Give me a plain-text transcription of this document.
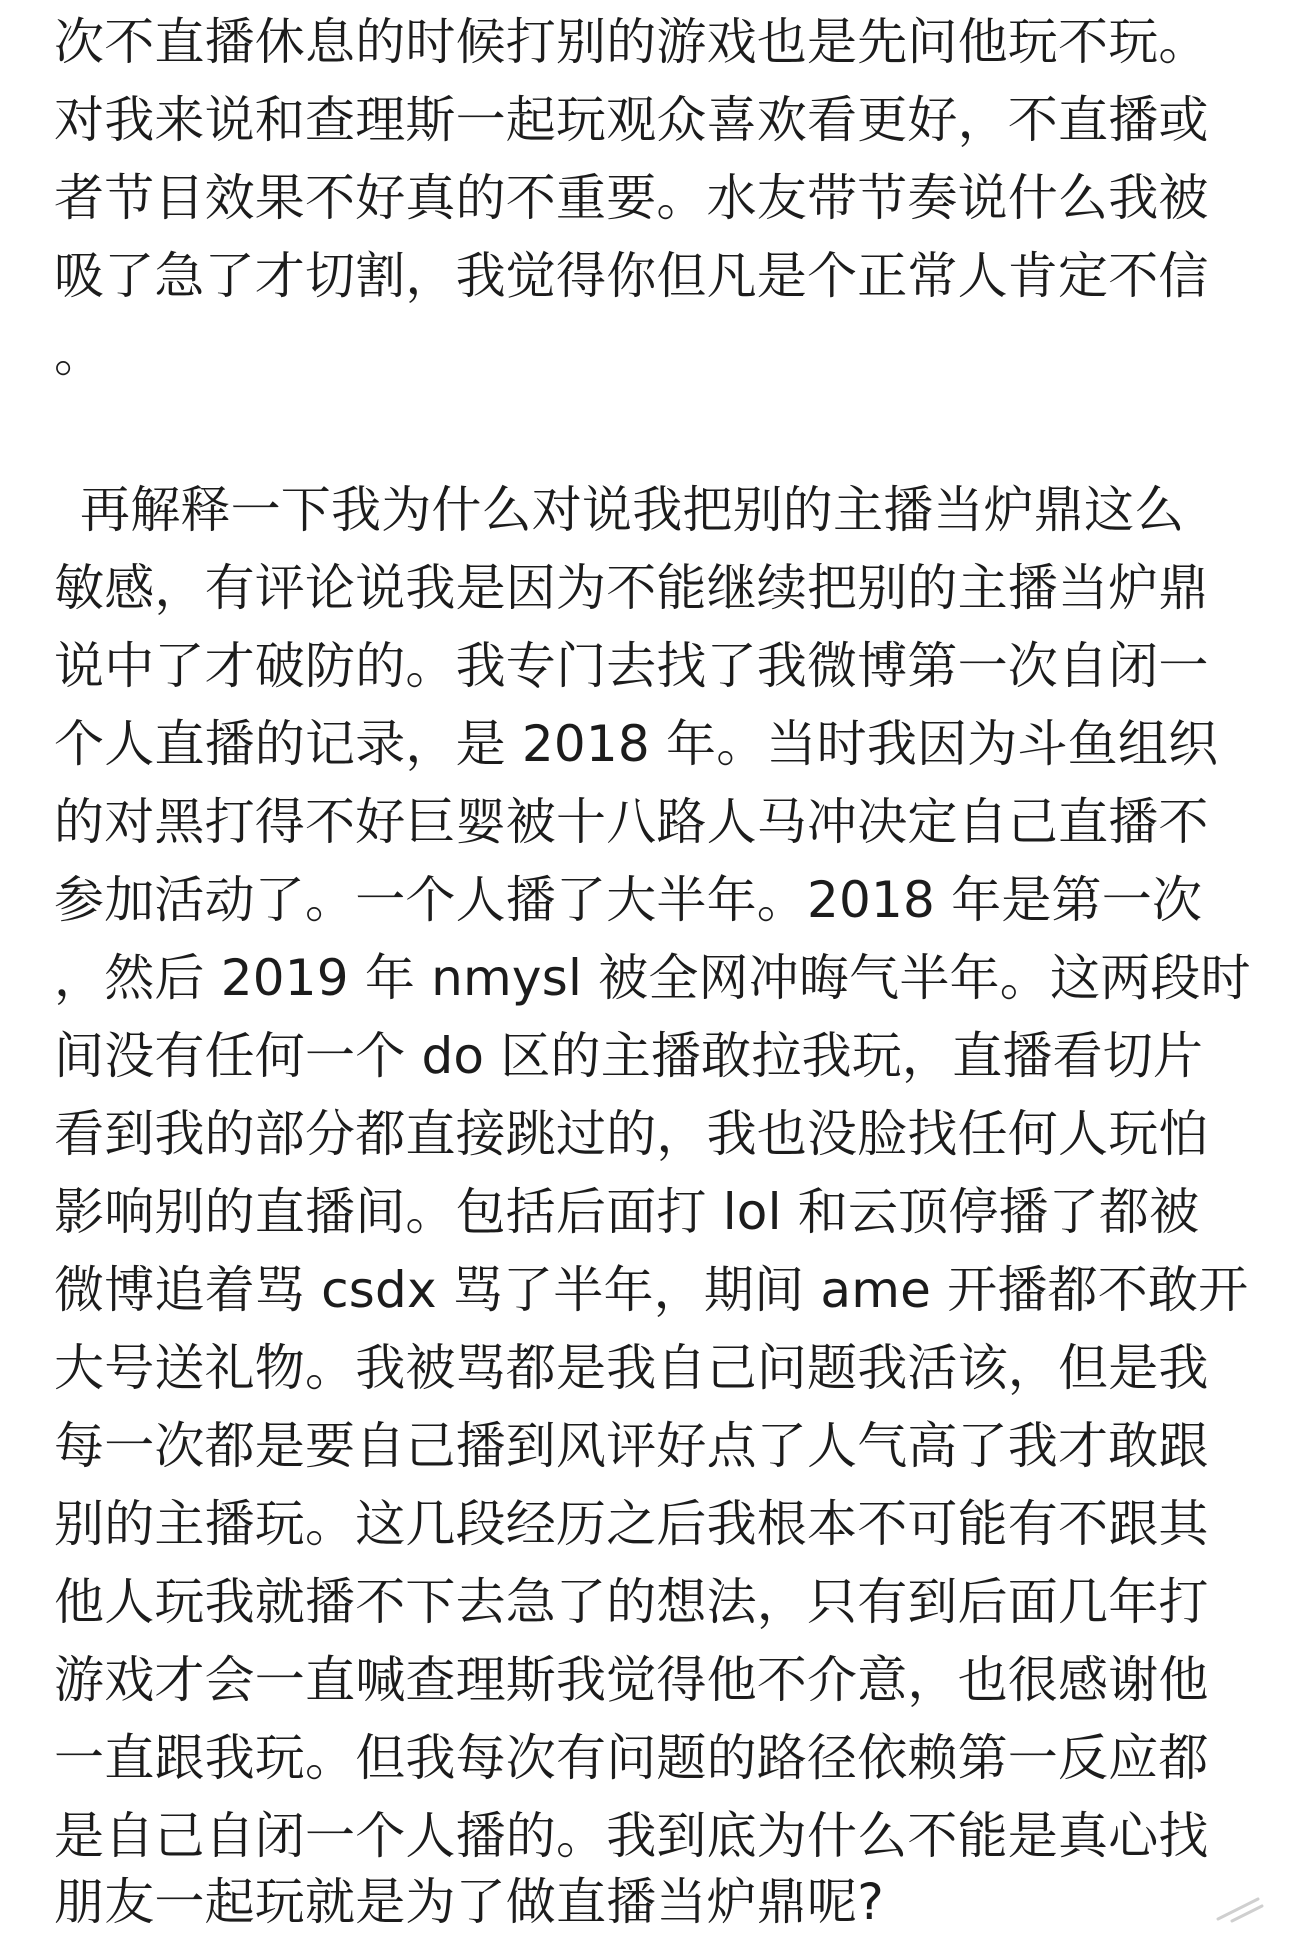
次不直播休息的时候打别的游戏也是先问他玩不玩。
对我来说和查理斯一起玩观众喜欢看更好，不直播或
者节目效果不好真的不重要。水友带节奏说什么我被
吸了急了才切割，我觉得你但凡是个正常人肯定不信
。
再解释一下我为什么对说我把别的主播当炉鼎这么
敏感，有评论说我是因为不能继续把别的主播当炉鼎
说中了才破防的。我专门去找了我微博第一次自闭一
个人直播的记录，是 2018 年。当时我因为斗鱼组织
的对黑打得不好巨婴被十八路人马冲决定自己直播不
参加活动了。一个人播了大半年。2018 年是第一次
，然后 2019 年 nmysl 被全网冲晦气半年。这两段时
间没有任何一个 do 区的主播敢拉我玩，直播看切片
看到我的部分都直接跳过的，我也没脸找任何人玩怕
影响别的直播间。包括后面打 lol 和云顶停播了都被
微博追着骂 csdx 骂了半年，期间 ame 开播都不敢开
大号送礼物。我被骂都是我自己问题我活该，但是我
每一次都是要自己播到风评好点了人气高了我才敢跟
别的主播玩。这几段经历之后我根本不可能有不跟其
他人玩我就播不下去急了的想法，只有到后面几年打
游戏才会一直喊查理斯我觉得他不介意，也很感谢他
一直跟我玩。但我每次有问题的路径依赖第一反应都
是自己自闭一个人播的。我到底为什么不能是真心找
朋友一起玩就是为了做直播当炉鼎呢?
